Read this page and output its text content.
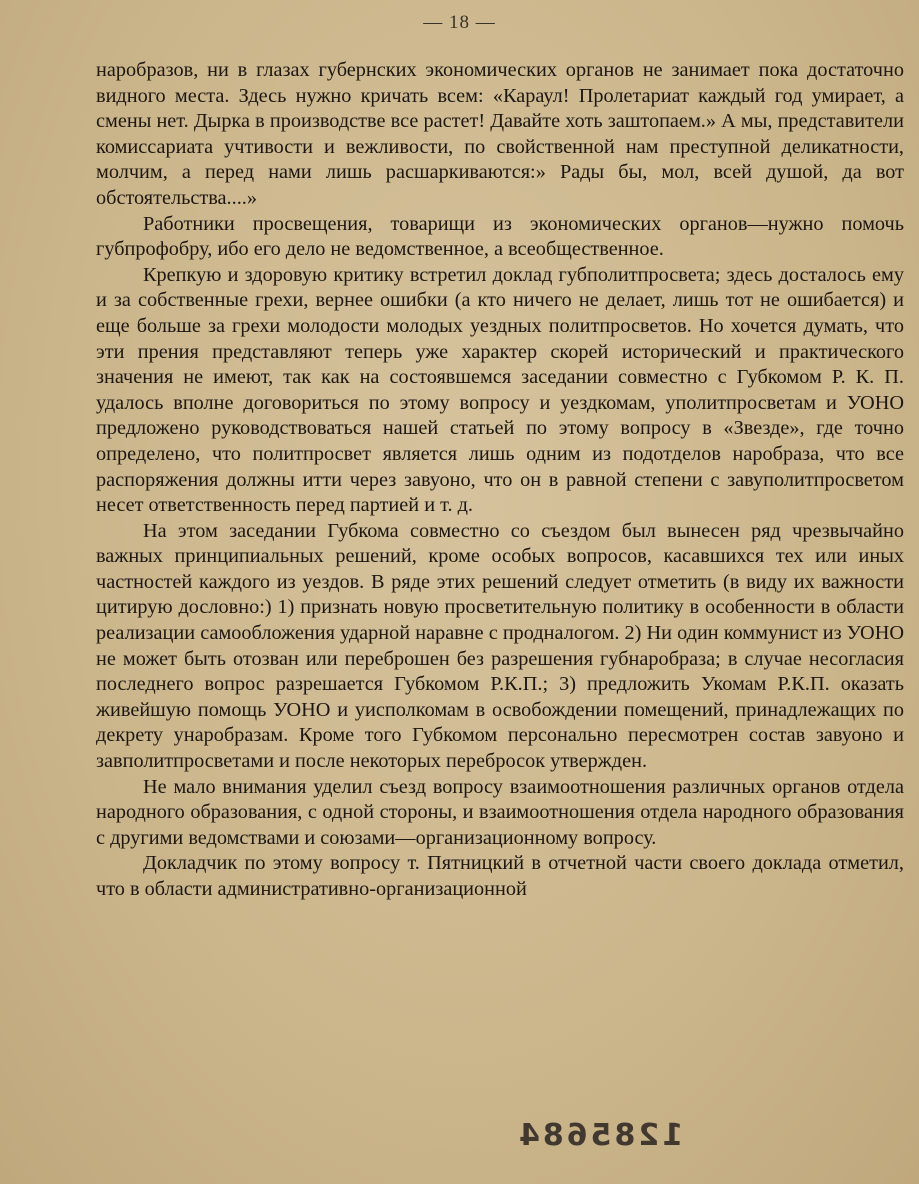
— 18 —

наробразов, ни в глазах губернских экономических органов не занимает пока достаточно видного места. Здесь нужно кричать всем: «Караул! Пролетариат каждый год умирает, а смены нет. Дырка в производстве все растет! Давайте хоть заштопаем.» А мы, представители комиссариата учтивости и вежливости, по свойственной нам преступной деликатности, молчим, а перед нами лишь расшаркиваются:» Рады бы, мол, всей душой, да вот обстоятельства....»

Работники просвещения, товарищи из экономических органов—нужно помочь губпрофобру, ибо его дело не ведомственное, а всеобщественное.

Крепкую и здоровую критику встретил доклад губполитпросвета; здесь досталось ему и за собственные грехи, вернее ошибки (а кто ничего не делает, лишь тот не ошибается) и еще больше за грехи молодости молодых уездных политпросветов. Но хочется думать, что эти прения представляют теперь уже характер скорей исторический и практического значения не имеют, так как на состоявшемся заседании совместно с Губкомом Р. К. П. удалось вполне договориться по этому вопросу и уездкомам, уполитпросветам и УОНО предложено руководствоваться нашей статьей по этому вопросу в «Звезде», где точно определено, что политпросвет является лишь одним из подотделов наробраза, что все распоряжения должны итти через завуоно, что он в равной степени с завуполитпросветом несет ответственность перед партией и т. д.

На этом заседании Губкома совместно со съездом был вынесен ряд чрезвычайно важных принципиальных решений, кроме особых вопросов, касавшихся тех или иных частностей каждого из уездов. В ряде этих решений следует отметить (в виду их важности цитирую дословно:) 1) признать новую просветительную политику в особенности в области реализации самообложения ударной наравне с продналогом. 2) Ни один коммунист из УОНО не может быть отозван или переброшен без разрешения губнаробраза; в случае несогласия последнего вопрос разрешается Губкомом Р.К.П.; 3) предложить Укомам Р.К.П. оказать живейшую помощь УОНО и уисполкомам в освобождении помещений, принадлежащих по декрету унаробразам. Кроме того Губкомом персонально пересмотрен состав завуоно и завполитпросветами и после некоторых перебросок утвержден.

Не мало внимания уделил съезд вопросу взаимоотношения различных органов отдела народного образования, с одной стороны, и взаимоотношения отдела народного образования с другими ведомствами и союзами—организационному вопросу.

Докладчик по этому вопросу т. Пятницкий в отчетной части своего доклада отметил, что в области административно-организационной

1285684
